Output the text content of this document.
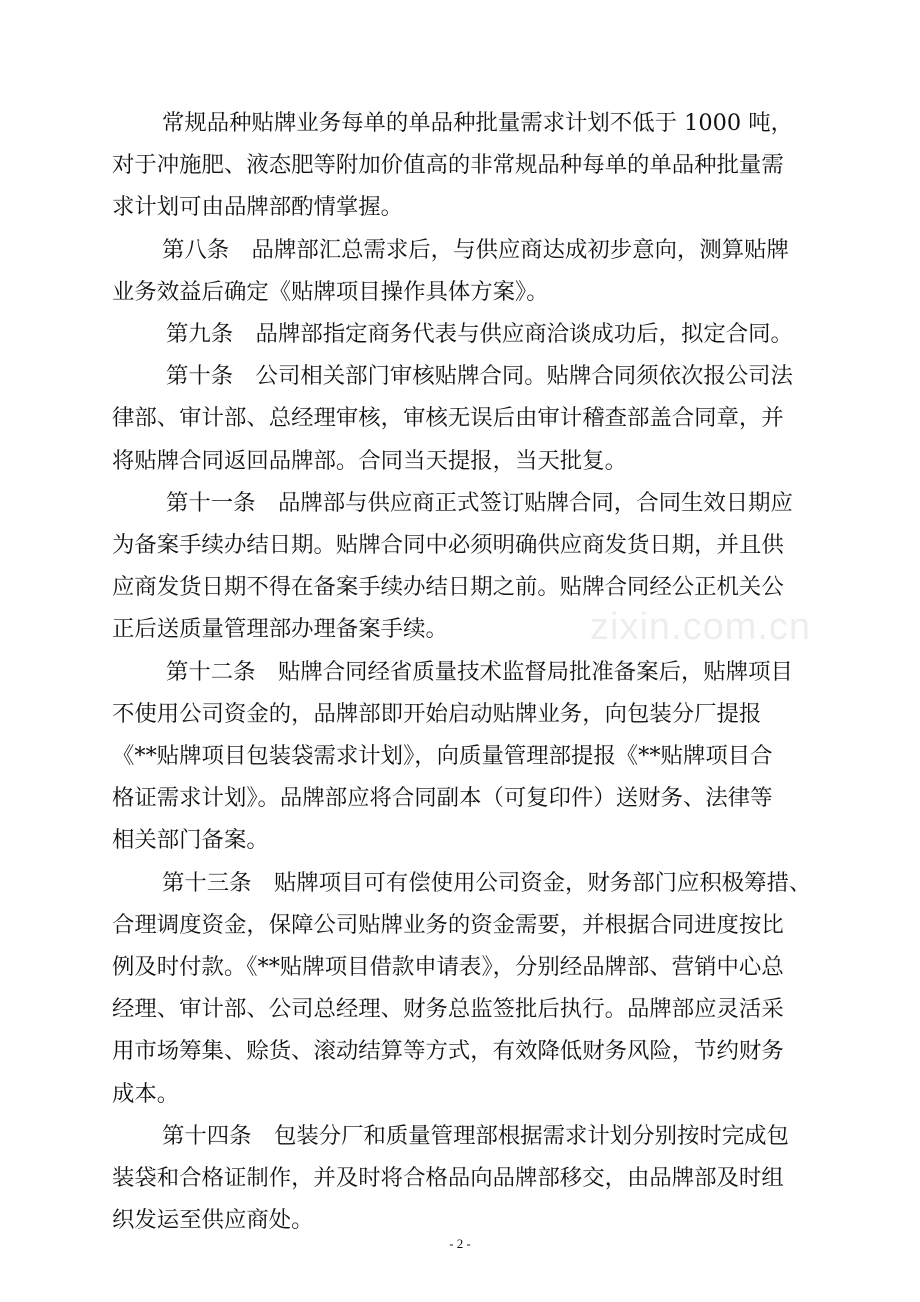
常规品种贴牌业务每单的单品种批量需求计划不低于 1000 吨，
对于冲施肥、液态肥等附加价值高的非常规品种每单的单品种批量需
求计划可由品牌部酌情掌握。

第八条　品牌部汇总需求后，与供应商达成初步意向，测算贴牌
业务效益后确定《贴牌项目操作具体方案》。

第九条　品牌部指定商务代表与供应商洽谈成功后，拟定合同。

第十条　公司相关部门审核贴牌合同。贴牌合同须依次报公司法
律部、审计部、总经理审核，审核无误后由审计稽查部盖合同章，并
将贴牌合同返回品牌部。合同当天提报，当天批复。

第十一条　品牌部与供应商正式签订贴牌合同，合同生效日期应
为备案手续办结日期。贴牌合同中必须明确供应商发货日期，并且供
应商发货日期不得在备案手续办结日期之前。贴牌合同经公正机关公
正后送质量管理部办理备案手续。

第十二条　贴牌合同经省质量技术监督局批准备案后，贴牌项目
不使用公司资金的，品牌部即开始启动贴牌业务，向包装分厂提报
《**贴牌项目包装袋需求计划》，向质量管理部提报《**贴牌项目合
格证需求计划》。品牌部应将合同副本（可复印件）送财务、法律等
相关部门备案。

第十三条　贴牌项目可有偿使用公司资金，财务部门应积极筹措、
合理调度资金，保障公司贴牌业务的资金需要，并根据合同进度按比
例及时付款。《**贴牌项目借款申请表》，分别经品牌部、营销中心总
经理、审计部、公司总经理、财务总监签批后执行。品牌部应灵活采
用市场筹集、赊货、滚动结算等方式，有效降低财务风险，节约财务
成本。

第十四条　包装分厂和质量管理部根据需求计划分别按时完成包
装袋和合格证制作，并及时将合格品向品牌部移交，由品牌部及时组
织发运至供应商处。

zixin.com.cn
- 2 -
